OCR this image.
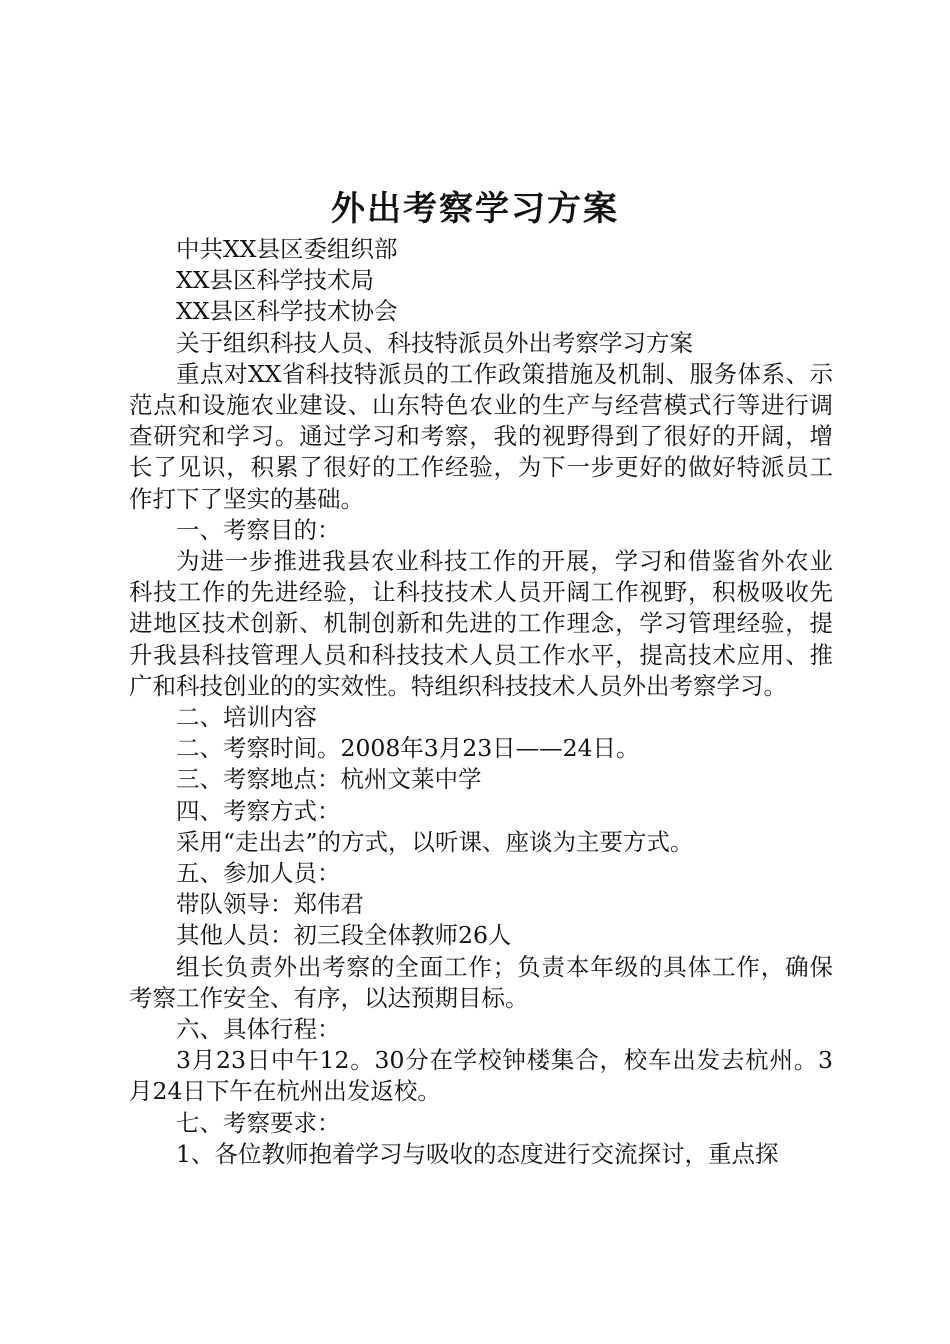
外出考察学习方案

中共XX县区委组织部

XX县区科学技术局

XX县区科学技术协会

关于组织科技人员、科技特派员外出考察学习方案

重点对XX省科技特派员的工作政策措施及机制、服务体系、示范点和设施农业建设、山东特色农业的生产与经营模式行等进行调查研究和学习。通过学习和考察，我的视野得到了很好的开阔，增长了见识，积累了很好的工作经验，为下一步更好的做好特派员工作打下了坚实的基础。

一、考察目的：

为进一步推进我县农业科技工作的开展，学习和借鉴省外农业科技工作的先进经验，让科技技术人员开阔工作视野，积极吸收先进地区技术创新、机制创新和先进的工作理念，学习管理经验，提升我县科技管理人员和科技技术人员工作水平，提高技术应用、推广和科技创业的的实效性。特组织科技技术人员外出考察学习。

二、培训内容

二、考察时间。2008年3月23日——24日。

三、考察地点：杭州文莱中学

四、考察方式：

采用“走出去”的方式，以听课、座谈为主要方式。

五、参加人员：

带队领导：郑伟君

其他人员：初三段全体教师26人

组长负责外出考察的全面工作；负责本年级的具体工作，确保考察工作安全、有序，以达预期目标。

六、具体行程：

3月23日中午12。30分在学校钟楼集合，校车出发去杭州。3月24日下午在杭州出发返校。

七、考察要求：

1、各位教师抱着学习与吸收的态度进行交流探讨，重点探
